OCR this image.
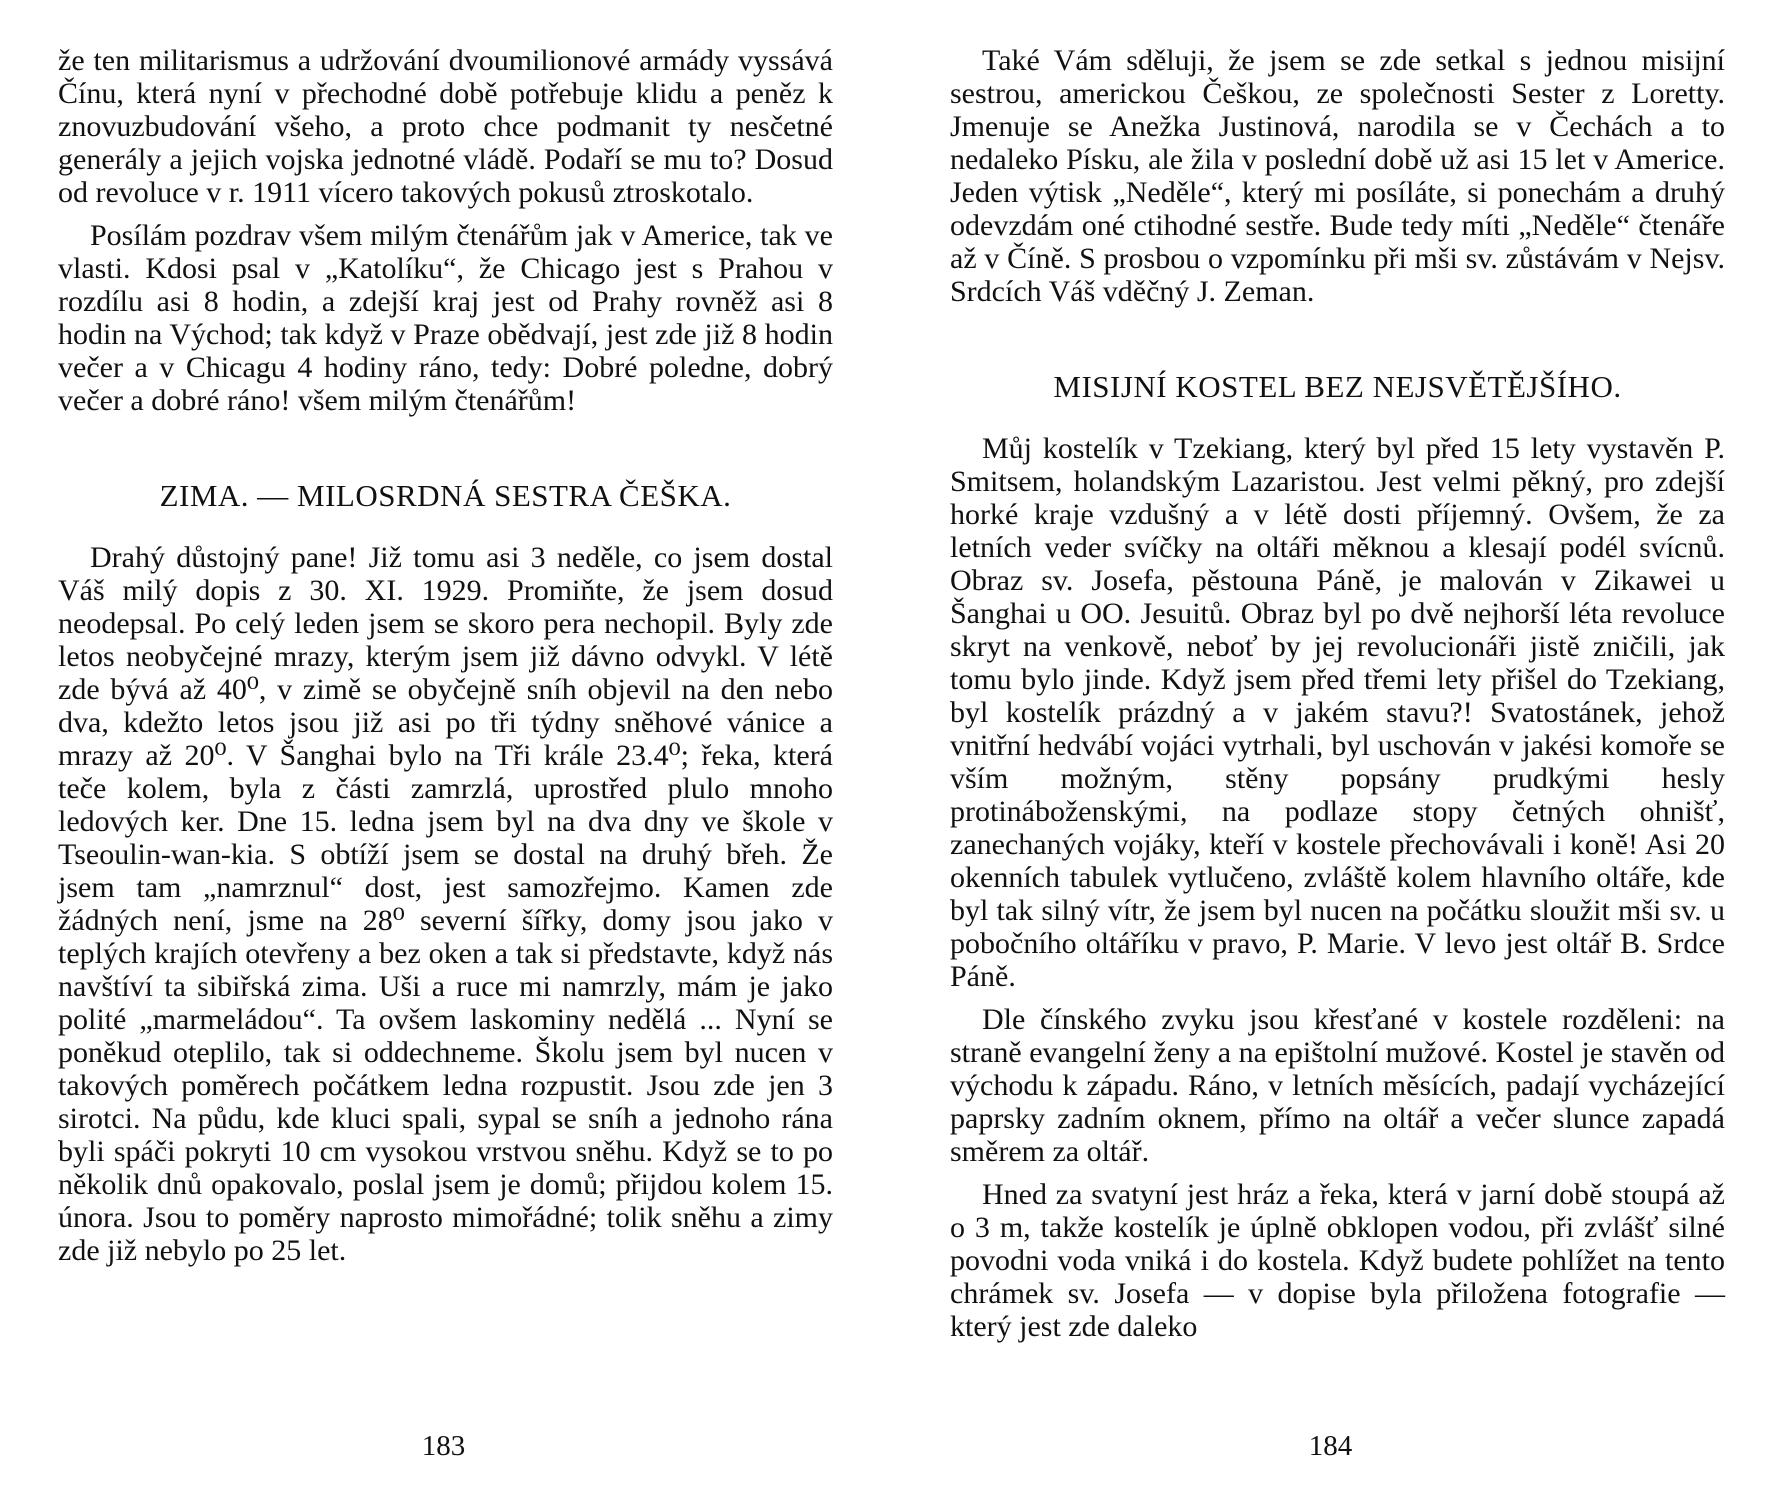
že ten militarismus a udržování dvoumilionové armády vyssává Čínu, která nyní v přechodné době potřebuje klidu a peněz k znovuzbudování všeho, a proto chce podmanit ty nesčetné generály a jejich vojska jednotné vládě. Podaří se mu to? Dosud od revoluce v r. 1911 vícero takových pokusů ztroskotalo.

Posílám pozdrav všem milým čtenářům jak v Americe, tak ve vlasti. Kdosi psal v „Katolíku“, že Chicago jest s Prahou v rozdílu asi 8 hodin, a zdejší kraj jest od Prahy rovněž asi 8 hodin na Východ; tak když v Praze obědvají, jest zde již 8 hodin večer a v Chicagu 4 hodiny ráno, tedy: Dobré poledne, dobrý večer a dobré ráno! všem milým čtenářům!

ZIMA. — MILOSRDNÁ SESTRA ČEŠKA.

Drahý důstojný pane! Již tomu asi 3 neděle, co jsem dostal Váš milý dopis z 30. XI. 1929. Promiňte, že jsem dosud neodepsal. Po celý leden jsem se skoro pera nechopil. Byly zde letos neobyčejné mrazy, kterým jsem již dávno odvykl. V létě zde bývá až 40⁰, v zimě se obyčejně sníh objevil na den nebo dva, kdežto letos jsou již asi po tři týdny sněhové vánice a mrazy až 20⁰. V Šanghai bylo na Tři krále 23.4⁰; řeka, která teče kolem, byla z části zamrzlá, uprostřed plulo mnoho ledových ker. Dne 15. ledna jsem byl na dva dny ve škole v Tseoulin-wan-kia. S obtíží jsem se dostal na druhý břeh. Že jsem tam „namrznul“ dost, jest samozřejmo. Kamen zde žádných není, jsme na 28⁰ severní šířky, domy jsou jako v teplých krajích otevřeny a bez oken a tak si představte, když nás navštíví ta sibiřská zima. Uši a ruce mi namrzly, mám je jako polité „marmeládou“. Ta ovšem laskominy nedělá ... Nyní se poněkud oteplilo, tak si oddechneme. Školu jsem byl nucen v takových poměrech počátkem ledna rozpustit. Jsou zde jen 3 sirotci. Na půdu, kde kluci spali, sypal se sníh a jednoho rána byli spáči pokryti 10 cm vysokou vrstvou sněhu. Když se to po několik dnů opakovalo, poslal jsem je domů; přijdou kolem 15. února. Jsou to poměry naprosto mimořádné; tolik sněhu a zimy zde již nebylo po 25 let.

183

Také Vám sděluji, že jsem se zde setkal s jednou misijní sestrou, americkou Češkou, ze společnosti Sester z Loretty. Jmenuje se Anežka Justinová, narodila se v Čechách a to nedaleko Písku, ale žila v poslední době už asi 15 let v Americe. Jeden výtisk „Neděle“, který mi posíláte, si ponechám a druhý odevzdám oné ctihodné sestře. Bude tedy míti „Neděle“ čtenáře až v Číně. S prosbou o vzpomínku při mši sv. zůstávám v Nejsv. Srdcích Váš vděčný J. Zeman.

MISIJNÍ KOSTEL BEZ NEJSVĚTĚJŠÍHO.

Můj kostelík v Tzekiang, který byl před 15 lety vystavěn P. Smitsem, holandským Lazaristou. Jest velmi pěkný, pro zdejší horké kraje vzdušný a v létě dosti příjemný. Ovšem, že za letních veder svíčky na oltáři měknou a klesají podél svícnů. Obraz sv. Josefa, pěstouna Páně, je malován v Zikawei u Šanghai u OO. Jesuitů. Obraz byl po dvě nejhorší léta revoluce skryt na venkově, neboť by jej revolucionáři jistě zničili, jak tomu bylo jinde. Když jsem před třemi lety přišel do Tzekiang, byl kostelík prázdný a v jakém stavu?! Svatostánek, jehož vnitřní hedvábí vojáci vytrhali, byl uschován v jakési komoře se vším možným, stěny popsány prudkými hesly protináboženskými, na podlaze stopy četných ohnišť, zanechaných vojáky, kteří v kostele přechovávali i koně! Asi 20 okenních tabulek vytlučeno, zvláště kolem hlavního oltáře, kde byl tak silný vítr, že jsem byl nucen na počátku sloužit mši sv. u pobočního oltáříku v pravo, P. Marie. V levo jest oltář B. Srdce Páně.

Dle čínského zvyku jsou křesťané v kostele rozděleni: na straně evangelní ženy a na epištolní mužové. Kostel je stavěn od východu k západu. Ráno, v letních měsících, padají vycházející paprsky zadním oknem, přímo na oltář a večer slunce zapadá směrem za oltář.

Hned za svatyní jest hráz a řeka, která v jarní době stoupá až o 3 m, takže kostelík je úplně obklopen vodou, při zvlášť silné povodni voda vniká i do kostela. Když budete pohlížet na tento chrámek sv. Josefa — v dopise byla přiložena fotografie — který jest zde daleko

184
